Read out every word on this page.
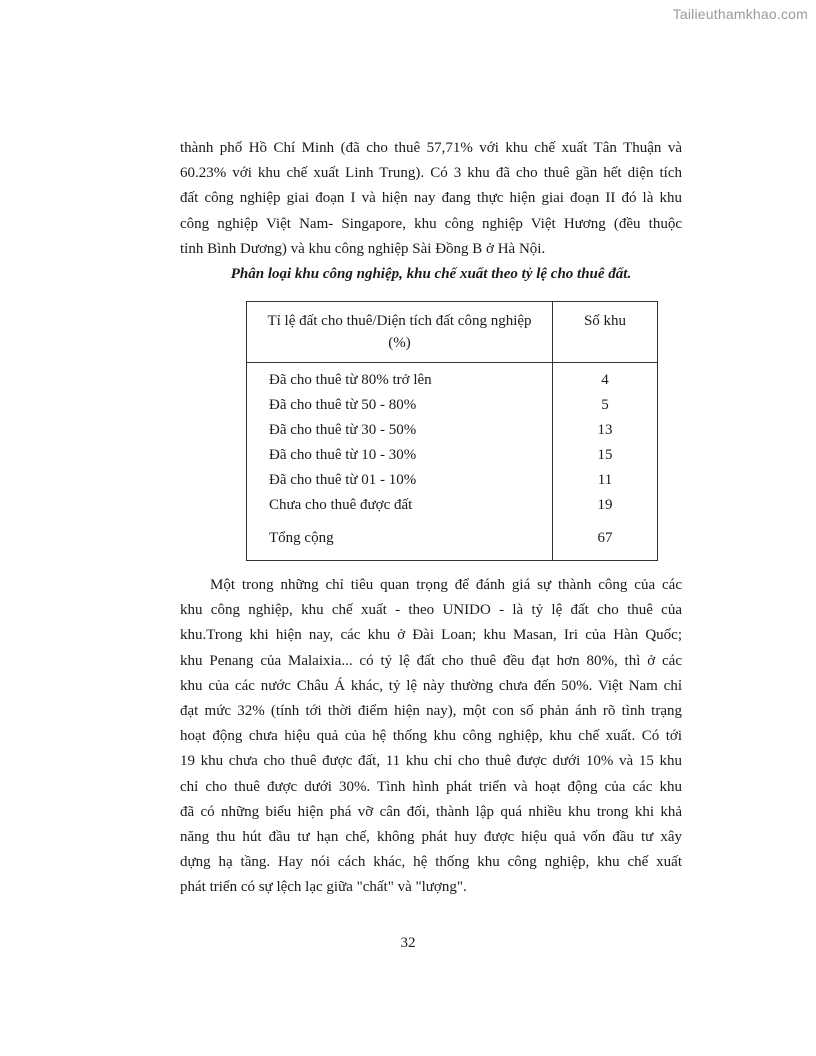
Tailieuthamkhao.com
thành phố Hồ Chí Minh (đã cho thuê 57,71% với khu chế xuất Tân Thuận và
60.23% với khu chế xuất Linh Trung). Có 3 khu đã cho thuê gần hết diện tích
đất công nghiệp giai đoạn I và hiện nay đang thực hiện giai đoạn II đó là khu
công nghiệp Việt Nam- Singapore, khu công nghiệp Việt Hương (đều thuộc
tỉnh Bình Dương) và khu công nghiệp Sài Đồng B ở Hà Nội.
Phân loại khu công nghiệp, khu chế xuất theo tỷ lệ cho thuê đất.
Tỉ lệ đất cho thuê/Diện tích đất công nghiệp
(%)	Số khu
Đã cho thuê từ 80% trở lên	4
Đã cho thuê từ 50 - 80%	5
Đã cho thuê từ 30 - 50%	13
Đã cho thuê từ 10 - 30%	15
Đã cho thuê từ 01 - 10%	11
Chưa cho thuê được đất	19
Tổng cộng	67
Một trong những chỉ tiêu quan trọng để đánh giá sự thành công của các
khu công nghiệp, khu chế xuất - theo UNIDO - là tỷ lệ đất cho thuê của
khu.Trong khi hiện nay, các khu ở Đài Loan; khu Masan, Iri của Hàn Quốc;
khu Penang của Malaixia... có tỷ lệ đất cho thuê đều đạt hơn 80%, thì ở các
khu của các nước Châu Á khác, tỷ lệ này thường chưa đến 50%. Việt Nam chỉ
đạt mức 32% (tính tới thời điểm hiện nay), một con số phản ánh rõ tình trạng
hoạt động chưa hiệu quả của hệ thống khu công nghiệp, khu chế xuất. Có tới
19 khu chưa cho thuê được đất, 11 khu chỉ cho thuê được dưới 10% và 15 khu
chỉ cho thuê được dưới 30%. Tình hình phát triển và hoạt động của các khu
đã có những biểu hiện phá vỡ cân đối, thành lập quá nhiều khu trong khi khả
năng thu hút đầu tư hạn chế, không phát huy được hiệu quả vốn đầu tư xây
dựng hạ tầng. Hay nói cách khác, hệ thống khu công nghiệp, khu chế xuất
phát triển có sự lệch lạc giữa "chất" và "lượng".
32
